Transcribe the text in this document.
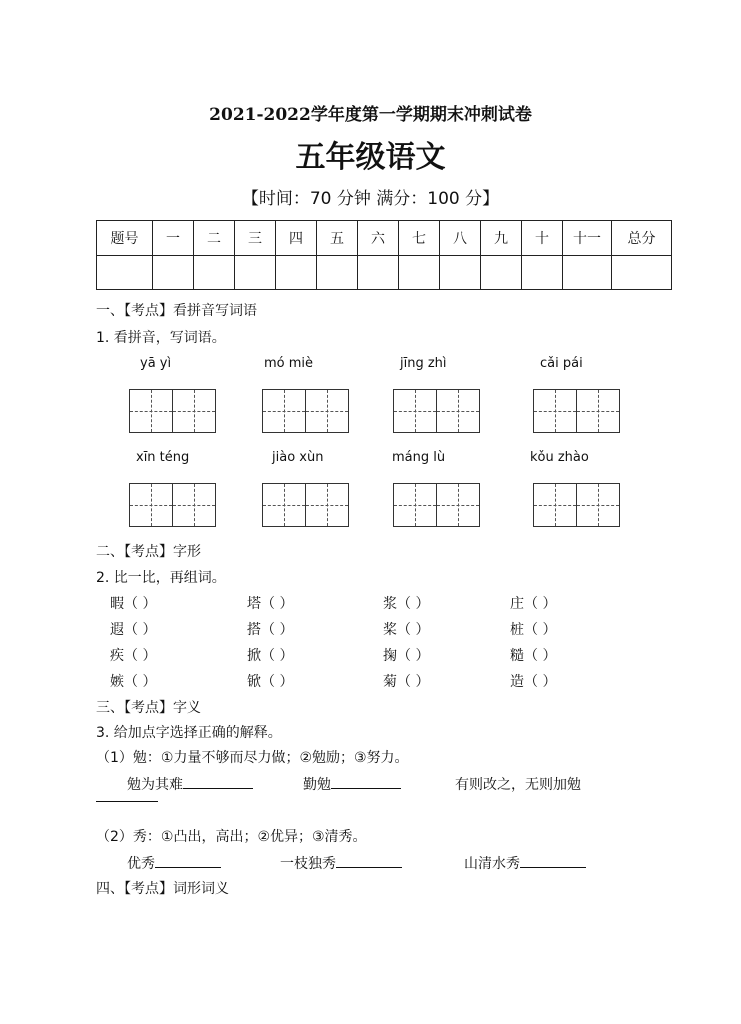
2021-2022学年度第一学期期末冲刺试卷
五年级语文
【时间：70 分钟 满分：100 分】
题号	一	二	三	四	五	六	七	八	九	十	十一	总分

一、【考点】看拼音写词语
1. 看拼音，写词语。
yā yì	mó miè	jīng zhì	cǎi pái
xīn téng	jiào xùn	máng lù	kǒu zhào
二、【考点】字形
2. 比一比，再组词。
暇（ ）	塔（ ）	浆（ ）	庄（ ）
遐（ ）	搭（ ）	桨（ ）	桩（ ）
疾（ ）	掀（ ）	掬（ ）	糙（ ）
嫉（ ）	锨（ ）	菊（ ）	造（ ）
三、【考点】字义
3. 给加点字选择正确的解释。
（1）勉：①力量不够而尽力做；②勉励；③努力。
勉为其难	勤勉	有则改之，无则加勉
（2）秀：①凸出，高出；②优异；③清秀。
优秀	一枝独秀	山清水秀
四、【考点】词形词义
